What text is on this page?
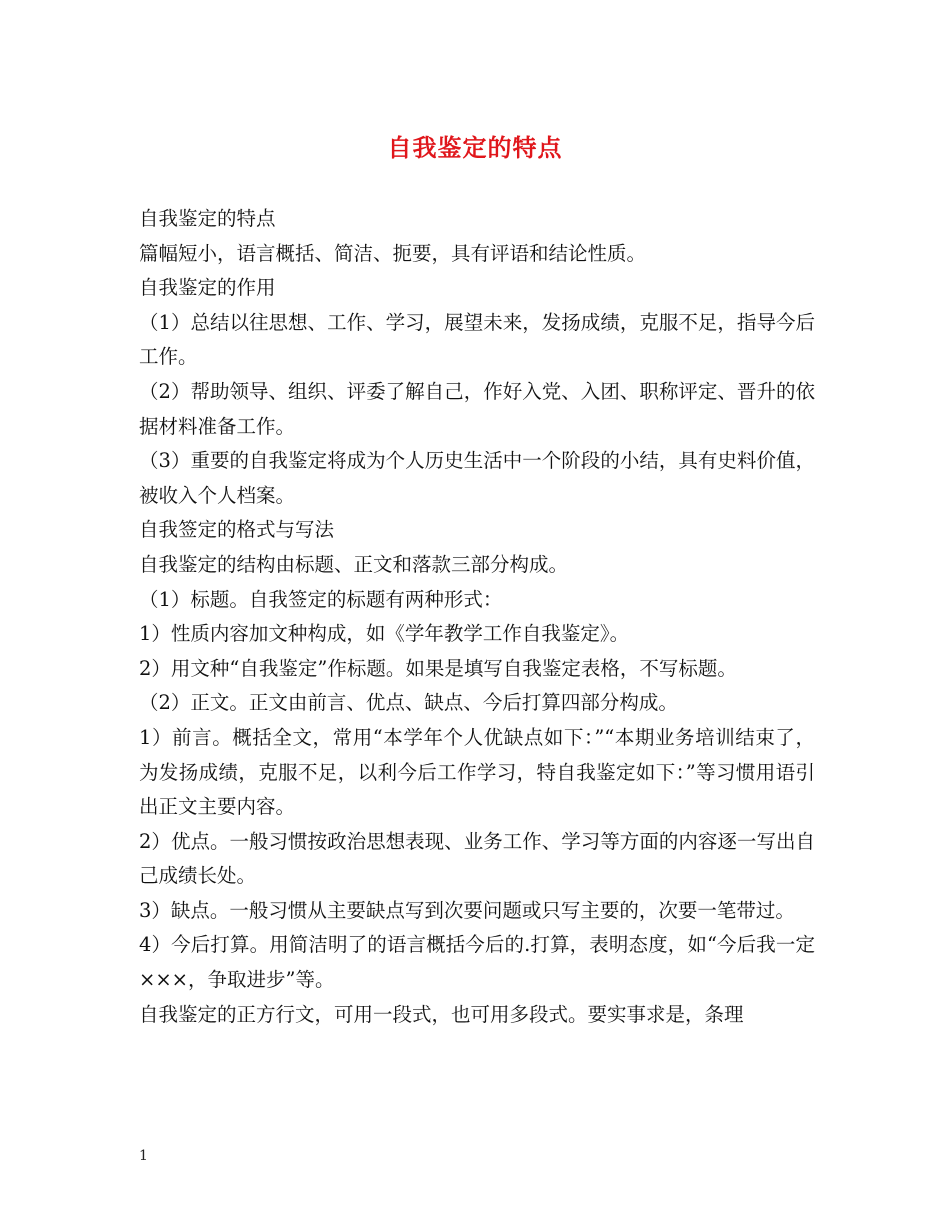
自我鉴定的特点

自我鉴定的特点

篇幅短小，语言概括、简洁、扼要，具有评语和结论性质。

自我鉴定的作用

（1）总结以往思想、工作、学习，展望未来，发扬成绩，克服不足，指导今后工作。

（2）帮助领导、组织、评委了解自己，作好入党、入团、职称评定、晋升的依据材料准备工作。

（3）重要的自我鉴定将成为个人历史生活中一个阶段的小结，具有史料价值，被收入个人档案。

自我签定的格式与写法

自我鉴定的结构由标题、正文和落款三部分构成。

（1）标题。自我签定的标题有两种形式：

1）性质内容加文种构成，如《学年教学工作自我鉴定》。

2）用文种“自我鉴定”作标题。如果是填写自我鉴定表格，不写标题。

（2）正文。正文由前言、优点、缺点、今后打算四部分构成。

1）前言。概括全文，常用“本学年个人优缺点如下：”“本期业务培训结束了，为发扬成绩，克服不足，以利今后工作学习，特自我鉴定如下：”等习惯用语引出正文主要内容。

2）优点。一般习惯按政治思想表现、业务工作、学习等方面的内容逐一写出自己成绩长处。

3）缺点。一般习惯从主要缺点写到次要问题或只写主要的，次要一笔带过。

4）今后打算。用简洁明了的语言概括今后的.打算，表明态度，如“今后我一定×××，争取进步”等。

自我鉴定的正方行文，可用一段式，也可用多段式。要实事求是，条理

1
